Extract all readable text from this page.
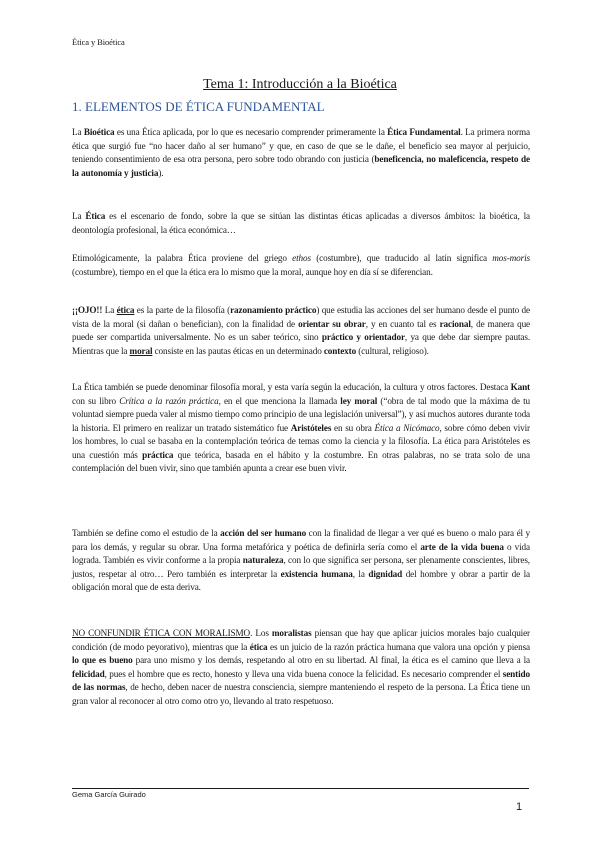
Ética y Bioética
Tema 1: Introducción a la Bioética
1. ELEMENTOS DE ÉTICA FUNDAMENTAL
La Bioética es una Ética aplicada, por lo que es necesario comprender primeramente la Ética Fundamental. La primera norma ética que surgió fue “no hacer daño al ser humano” y que, en caso de que se le dañe, el beneficio sea mayor al perjuicio, teniendo consentimiento de esa otra persona, pero sobre todo obrando con justicia (beneficencia, no maleficencia, respeto de la autonomía y justicia).
La Ética es el escenario de fondo, sobre la que se sitúan las distintas éticas aplicadas a diversos ámbitos: la bioética, la deontología profesional, la ética económica…
Etimológicamente, la palabra Ética proviene del griego ethos (costumbre), que traducido al latín significa mos-moris (costumbre), tiempo en el que la ética era lo mismo que la moral, aunque hoy en día sí se diferencian.
¡¡OJO!! La ética es la parte de la filosofía (razonamiento práctico) que estudia las acciones del ser humano desde el punto de vista de la moral (si dañan o benefician), con la finalidad de orientar su obrar, y en cuanto tal es racional, de manera que puede ser compartida universalmente. No es un saber teórico, sino práctico y orientador, ya que debe dar siempre pautas. Mientras que la moral consiste en las pautas éticas en un determinado contexto (cultural, religioso).
La Ética también se puede denominar filosofía moral, y esta varía según la educación, la cultura y otros factores. Destaca Kant con su libro Crítica a la razón práctica, en el que menciona la llamada ley moral (“obra de tal modo que la máxima de tu voluntad siempre pueda valer al mismo tiempo como principio de una legislación universal”), y así muchos autores durante toda la historia. El primero en realizar un tratado sistemático fue Aristóteles en su obra Ética a Nicómaco, sobre cómo deben vivir los hombres, lo cual se basaba en la contemplación teórica de temas como la ciencia y la filosofía. La ética para Aristóteles es una cuestión más práctica que teórica, basada en el hábito y la costumbre. En otras palabras, no se trata solo de una contemplación del buen vivir, sino que también apunta a crear ese buen vivir.
También se define como el estudio de la acción del ser humano con la finalidad de llegar a ver qué es bueno o malo para él y para los demás, y regular su obrar. Una forma metafórica y poética de definirla sería como el arte de la vida buena o vida lograda. También es vivir conforme a la propia naturaleza, con lo que significa ser persona, ser plenamente conscientes, libres, justos, respetar al otro… Pero también es interpretar la existencia humana, la dignidad del hombre y obrar a partir de la obligación moral que de esta deriva.
NO CONFUNDIR ÉTICA CON MORALISMO. Los moralistas piensan que hay que aplicar juicios morales bajo cualquier condición (de modo peyorativo), mientras que la ética es un juicio de la razón práctica humana que valora una opción y piensa lo que es bueno para uno mismo y los demás, respetando al otro en su libertad. Al final, la ética es el camino que lleva a la felicidad, pues el hombre que es recto, honesto y lleva una vida buena conoce la felicidad. Es necesario comprender el sentido de las normas, de hecho, deben nacer de nuestra consciencia, siempre manteniendo el respeto de la persona. La Ética tiene un gran valor al reconocer al otro como otro yo, llevando al trato respetuoso.
Gema García Guirado
1
